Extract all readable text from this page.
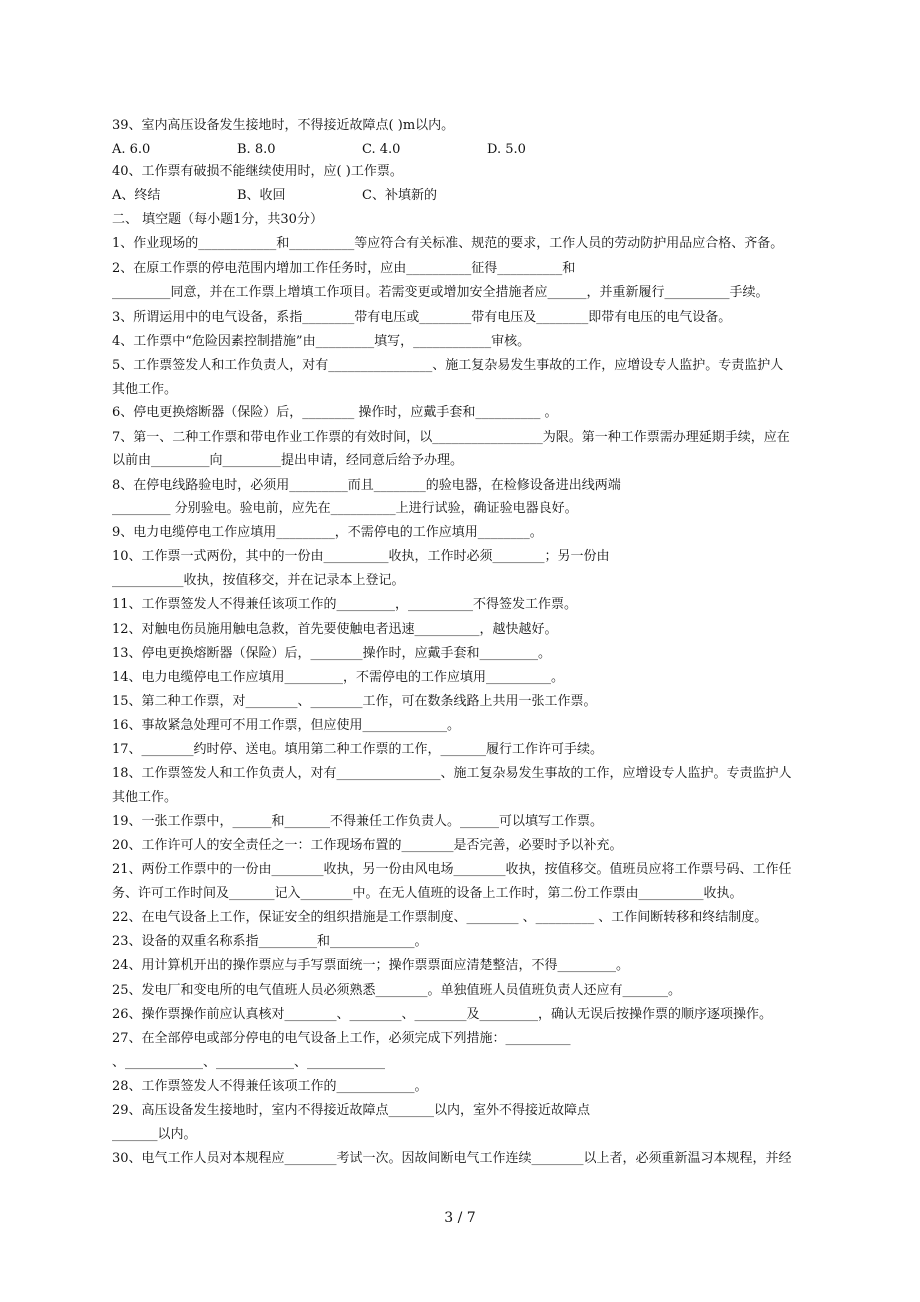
39、室内高压设备发生接地时，不得接近故障点( )m以内。
A. 6.0	B. 8.0	C. 4.0	D. 5.0
40、工作票有破损不能继续使用时，应( )工作票。
A、终结	B、收回	C、补填新的
二、 填空题（每小题1分，共30分）
1、作业现场的____________和__________等应符合有关标准、规范的要求，工作人员的劳动防护用品应合格、齐备。
2、在原工作票的停电范围内增加工作任务时，应由__________征得__________和
_________同意，并在工作票上增填工作项目。若需变更或增加安全措施者应______，并重新履行__________手续。
3、所谓运用中的电气设备，系指________带有电压或________带有电压及________即带有电压的电气设备。
4、工作票中“危险因素控制措施”由_________填写，____________审核。
5、工作票签发人和工作负责人，对有________________、施工复杂易发生事故的工作，应增设专人监护。专责监护人
其他工作。
6、停电更换熔断器（保险）后，________ 操作时，应戴手套和__________ 。
7、第一、二种工作票和带电作业工作票的有效时间，以_________________为限。第一种工作票需办理延期手续，应在
以前由_________向_________提出申请，经同意后给予办理。
8、在停电线路验电时，必须用_________而且________的验电器，在检修设备进出线两端
_________ 分别验电。验电前，应先在__________上进行试验，确证验电器良好。
9、电力电缆停电工作应填用_________，不需停电的工作应填用________。
10、工作票一式两份，其中的一份由__________收执，工作时必须________；另一份由
___________收执，按值移交，并在记录本上登记。
11、工作票签发人不得兼任该项工作的_________，__________不得签发工作票。
12、对触电伤员施用触电急救，首先要使触电者迅速__________，越快越好。
13、停电更换熔断器（保险）后，________操作时，应戴手套和_________。
14、电力电缆停电工作应填用_________，不需停电的工作应填用__________。
15、第二种工作票，对________、________工作，可在数条线路上共用一张工作票。
16、事故紧急处理可不用工作票，但应使用_____________。
17、________约时停、送电。填用第二种工作票的工作，_______履行工作许可手续。
18、工作票签发人和工作负责人，对有________________、施工复杂易发生事故的工作，应增设专人监护。专责监护人
其他工作。
19、一张工作票中，______和_______不得兼任工作负责人。______可以填写工作票。
20、工作许可人的安全责任之一：工作现场布置的________是否完善，必要时予以补充。
21、两份工作票中的一份由________收执，另一份由风电场________收执，按值移交。值班员应将工作票号码、工作任
务、许可工作时间及_______记入________中。在无人值班的设备上工作时，第二份工作票由__________收执。
22、在电气设备上工作，保证安全的组织措施是工作票制度、________ 、_________ 、工作间断转移和终结制度。
23、设备的双重名称系指_________和_____________。
24、用计算机开出的操作票应与手写票面统一；操作票票面应清楚整洁，不得_________。
25、发电厂和变电所的电气值班人员必须熟悉________。单独值班人员值班负责人还应有_______。
26、操作票操作前应认真核对________、________、________及_________，确认无误后按操作票的顺序逐项操作。
27、在全部停电或部分停电的电气设备上工作，必须完成下列措施：__________
、____________、____________、____________
28、工作票签发人不得兼任该项工作的____________。
29、高压设备发生接地时，室内不得接近故障点_______以内，室外不得接近故障点
_______以内。
30、电气工作人员对本规程应________考试一次。因故间断电气工作连续________以上者，必须重新温习本规程，并经
3 / 7
